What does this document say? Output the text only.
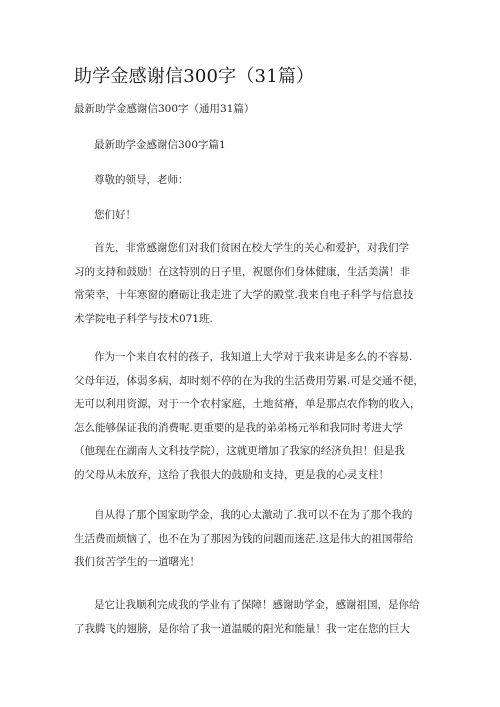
助学金感谢信300字（31篇）
最新助学金感谢信300字（通用31篇）
最新助学金感谢信300字篇1
尊敬的领导，老师：
您们好！
首先，非常感谢您们对我们贫困在校大学生的关心和爱护，对我们学
习的支持和鼓励！在这特别的日子里，祝愿你们身体健康，生活美满！非
常荣幸，十年寒窗的磨砺让我走进了大学的殿堂.我来自电子科学与信息技
术学院电子科学与技术071班.
作为一个来自农村的孩子，我知道上大学对于我来讲是多么的不容易.
父母年迈，体弱多病，却时刻不停的在为我的生活费用劳累.可是交通不便，
无可以利用资源，对于一个农村家庭，土地贫瘠，单是那点农作物的收入，
怎么能够保证我的消费呢.更重要的是我的弟弟杨元举和我同时考进大学
（他现在在湖南人文科技学院），这就更增加了我家的经济负担！但是我
的父母从未放弃，这给了我很大的鼓励和支持，更是我的心灵支柱！
自从得了那个国家助学金，我的心太激动了.我可以不在为了那个我的
生活费而烦恼了，也不在为了那因为钱的问题而迷茫.这是伟大的祖国带给
我们贫苦学生的一道曙光！
是它让我顺利完成我的学业有了保障！感谢助学金，感谢祖国，是你给
了我腾飞的翅膀，是你给了我一道温暖的阳光和能量！我一定在您的巨大
